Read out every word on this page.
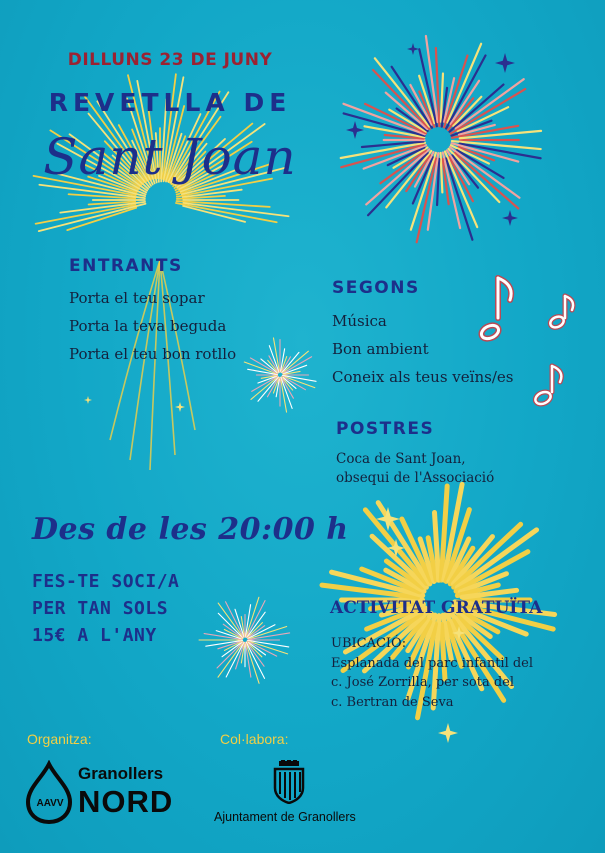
DILLUNS 23 DE JUNY
REVETLLA DE
Sant Joan
ENTRANTS
Porta el teu sopar
Porta la teva beguda
Porta el teu bon rotllo
SEGONS
Música
Bon ambient
Coneix als teus veïns/es
POSTRES
Coca de Sant Joan,
obsequi de l'Associació
Des de les 20:00 h
FES-TE SOCI/A
PER TAN SOLS
15€ A L'ANY
ACTIVITAT GRATUÏTA
UBICACIÓ:
Esplanada del parc infantil del
c. José Zorrilla, per sota del
c. Bertran de Seva
Organitza:	Col·labora:
AAVV
Granollers
NORD	Ajuntament de Granollers
